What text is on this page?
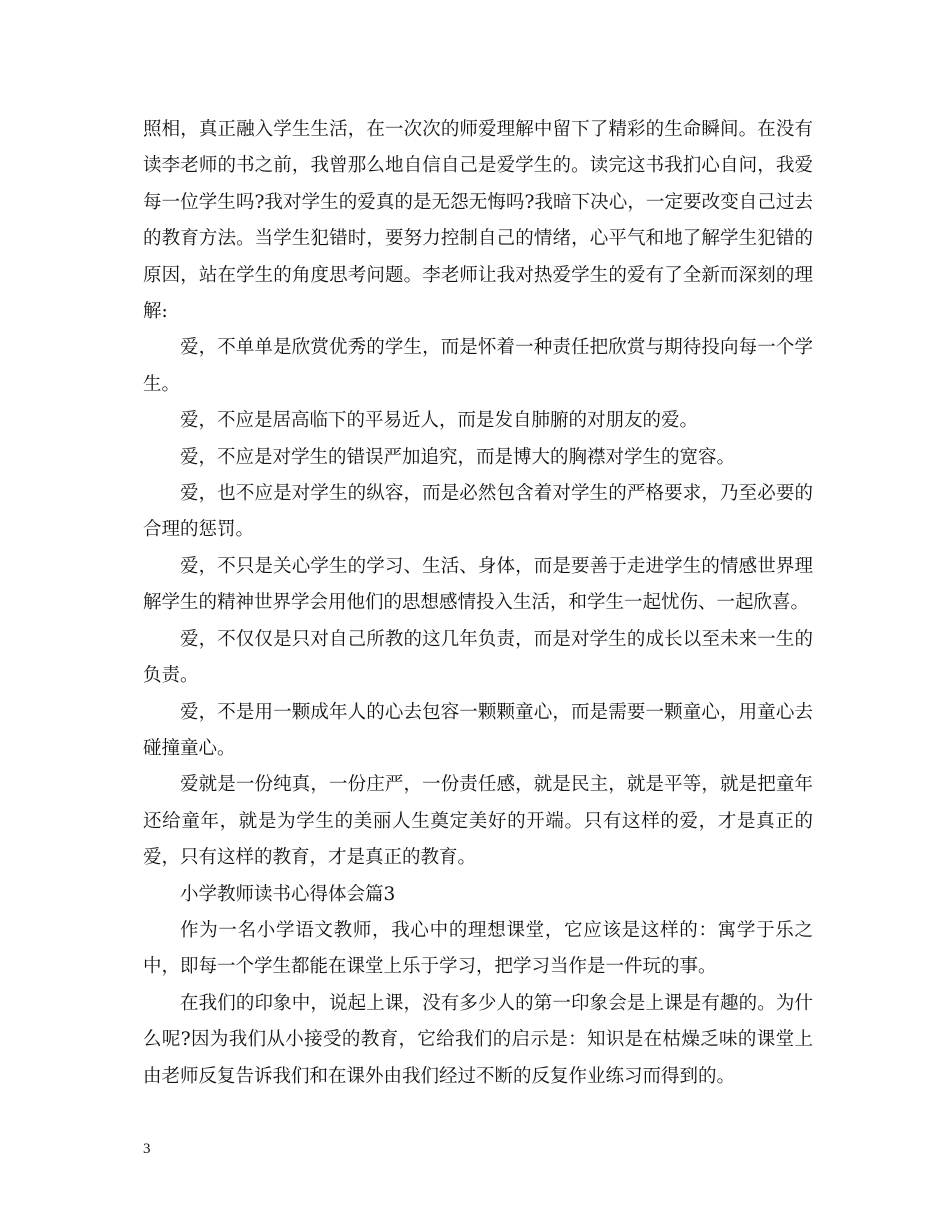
照相，真正融入学生生活，在一次次的师爱理解中留下了精彩的生命瞬间。在没有读李老师的书之前，我曾那么地自信自己是爱学生的。读完这书我扪心自问，我爱每一位学生吗?我对学生的爱真的是无怨无悔吗?我暗下决心，一定要改变自己过去的教育方法。当学生犯错时，要努力控制自己的情绪，心平气和地了解学生犯错的原因，站在学生的角度思考问题。李老师让我对热爱学生的爱有了全新而深刻的理解:

爱，不单单是欣赏优秀的学生，而是怀着一种责任把欣赏与期待投向每一个学生。

爱，不应是居高临下的平易近人，而是发自肺腑的对朋友的爱。

爱，不应是对学生的错误严加追究，而是博大的胸襟对学生的宽容。

爱，也不应是对学生的纵容，而是必然包含着对学生的严格要求，乃至必要的合理的惩罚。

爱，不只是关心学生的学习、生活、身体，而是要善于走进学生的情感世界理解学生的精神世界学会用他们的思想感情投入生活，和学生一起忧伤、一起欣喜。

爱，不仅仅是只对自己所教的这几年负责，而是对学生的成长以至未来一生的负责。

爱，不是用一颗成年人的心去包容一颗颗童心，而是需要一颗童心，用童心去碰撞童心。

爱就是一份纯真，一份庄严，一份责任感，就是民主，就是平等，就是把童年还给童年，就是为学生的美丽人生奠定美好的开端。只有这样的爱，才是真正的爱，只有这样的教育，才是真正的教育。

小学教师读书心得体会篇3

作为一名小学语文教师，我心中的理想课堂，它应该是这样的：寓学于乐之中，即每一个学生都能在课堂上乐于学习，把学习当作是一件玩的事。

在我们的印象中，说起上课，没有多少人的第一印象会是上课是有趣的。为什么呢?因为我们从小接受的教育，它给我们的启示是：知识是在枯燥乏味的课堂上由老师反复告诉我们和在课外由我们经过不断的反复作业练习而得到的。

3
